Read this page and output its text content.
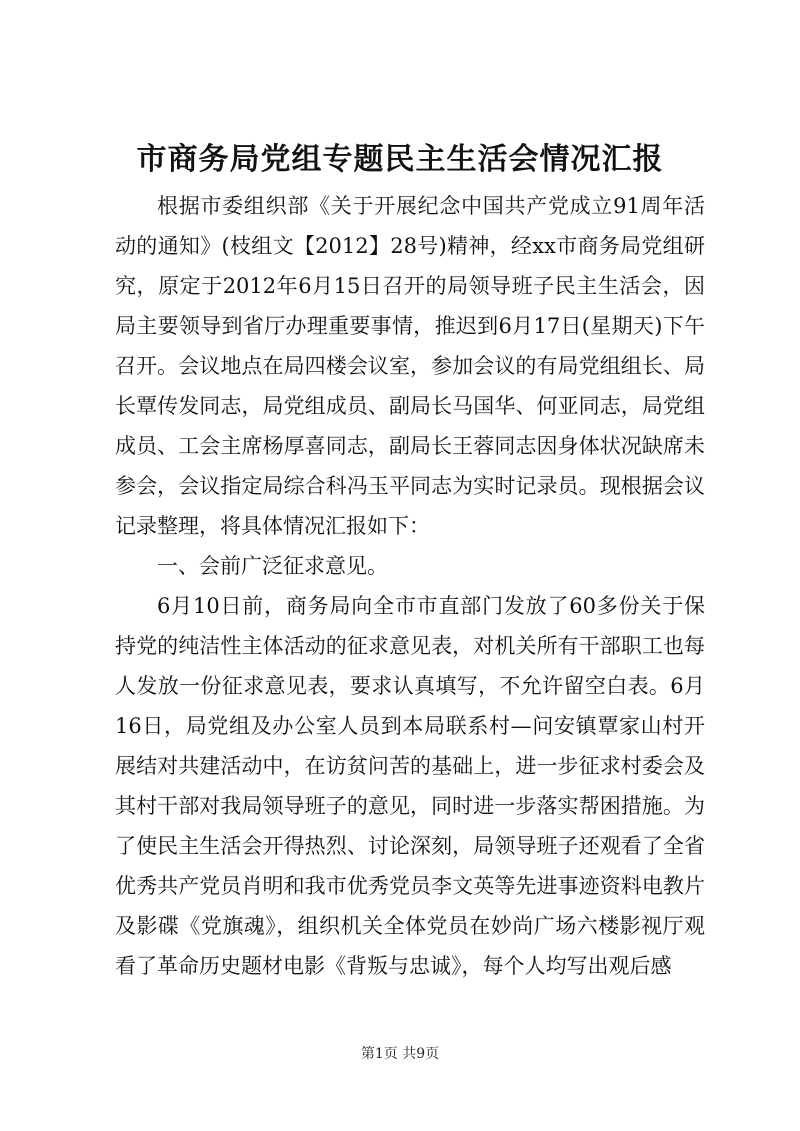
市商务局党组专题民主生活会情况汇报

根据市委组织部《关于开展纪念中国共产党成立91周年活动的通知》(枝组文【2012】28号)精神，经xx市商务局党组研究，原定于2012年6月15日召开的局领导班子民主生活会，因局主要领导到省厅办理重要事情，推迟到6月17日(星期天)下午召开。会议地点在局四楼会议室，参加会议的有局党组组长、局长覃传发同志，局党组成员、副局长马国华、何亚同志，局党组成员、工会主席杨厚喜同志，副局长王蓉同志因身体状况缺席未参会，会议指定局综合科冯玉平同志为实时记录员。现根据会议记录整理，将具体情况汇报如下：

一、会前广泛征求意见。

6月10日前，商务局向全市市直部门发放了60多份关于保持党的纯洁性主体活动的征求意见表，对机关所有干部职工也每人发放一份征求意见表，要求认真填写，不允许留空白表。6月16日，局党组及办公室人员到本局联系村—问安镇覃家山村开展结对共建活动中，在访贫问苦的基础上，进一步征求村委会及其村干部对我局领导班子的意见，同时进一步落实帮困措施。为了使民主生活会开得热烈、讨论深刻，局领导班子还观看了全省优秀共产党员肖明和我市优秀党员李文英等先进事迹资料电教片及影碟《党旗魂》，组织机关全体党员在妙尚广场六楼影视厅观看了革命历史题材电影《背叛与忠诚》，每个人均写出观后感

第1页 共9页
